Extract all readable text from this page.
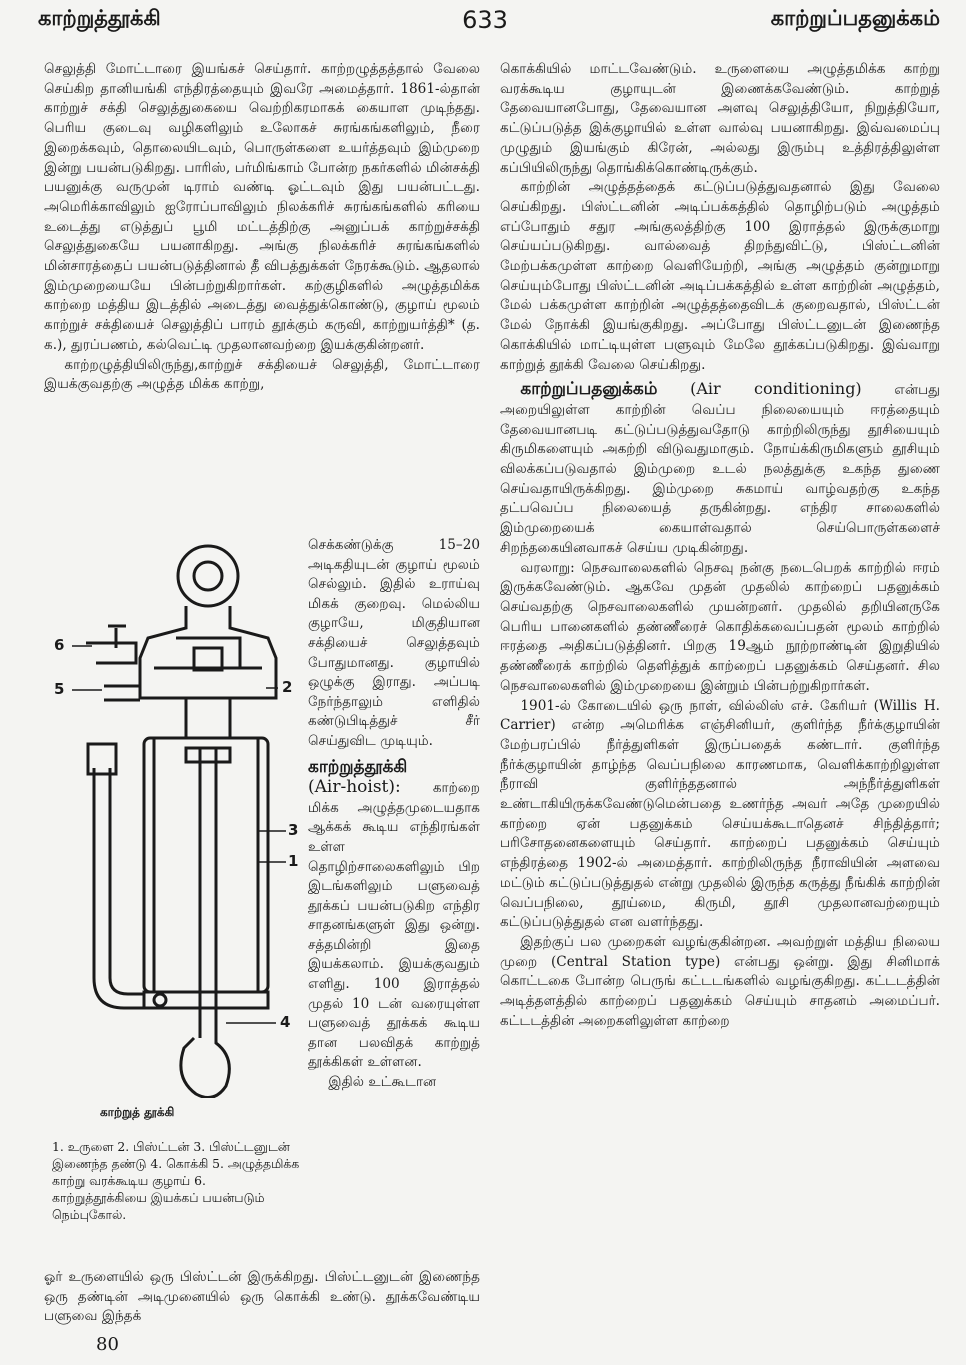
காற்றுத்தூக்கி	633	காற்றுப்பதனுக்கம்

செலுத்தி மோட்டாரை இயங்கச் செய்தார். காற்றழுத்தத்தால் வேலை செய்கிற தானியங்கி எந்திரத்தையும் இவரே அமைத்தார். 1861-ல்தான் காற்றுச் சக்தி செலுத்துகையை வெற்றிகரமாகக் கையாள முடிந்தது. பெரிய குடைவு வழிகளிலும் உலோகச் சுரங்கங்களிலும், நீரை இறைக்கவும், தொலையிடவும், பொருள்களை உயர்த்தவும் இம்முறை இன்று பயன்படுகிறது. பாரிஸ், பர்மிங்காம் போன்ற நகர்களில் மின்சக்தி பயனுக்கு வருமுன் டிராம் வண்டி ஓட்டவும் இது பயன்பட்டது. அமெரிக்காவிலும் ஐரோப்பாவிலும் நிலக்கரிச் சுரங்கங்களில் கரியை உடைத்து எடுத்துப் பூமி மட்டத்திற்கு அனுப்பக் காற்றுச்சக்தி செலுத்துகையே பயனாகிறது. அங்கு நிலக்கரிச் சுரங்கங்களில் மின்சாரத்தைப் பயன்படுத்தினால் தீ விபத்துக்கள் நேரக்கூடும். ஆதலால் இம்முறையையே பின்பற்றுகிறார்கள். கற்குழிகளில் அழுத்தமிக்க காற்றை மத்திய இடத்தில் அடைத்து வைத்துக்கொண்டு, குழாய் மூலம் காற்றுச் சக்தியைச் செலுத்திப் பாரம் தூக்கும் கருவி, காற்றுயர்த்தி* (த. க.), துரப்பணம், கல்வெட்டி முதலானவற்றை இயக்குகின்றனர்.

காற்றழுத்தியிலிருந்து,காற்றுச் சக்தியைச் செலுத்தி, மோட்டாரை இயக்குவதற்கு அழுத்த மிக்க காற்று,

6
5	2
3
1
4
காற்றுத் தூக்கி
1. உருளை 2. பிஸ்ட்டன் 3. பிஸ்ட்டனுடன் இணைந்த தண்டு 4. கொக்கி 5. அழுத்தமிக்க காற்று வரக்கூடிய குழாய் 6. காற்றுத்தூக்கியை இயக்கப் பயன்படும் நெம்புகோல்.

செக்கண்டுக்கு 15–20 அடிகதியுடன் குழாய் மூலம் செல்லும். இதில் உராய்வு மிகக் குறைவு. மெல்லிய குழாயே, மிகுதியான சக்தியைச் செலுத்தவும் போதுமானது. குழாயில் ஒழுக்கு இராது. அப்படி நேர்ந்தாலும் எளிதில் கண்டுபிடித்துச் சீர் செய்துவிட முடியும்.

காற்றுத்தூக்கி
(Air-hoist): காற்றை மிக்க அழுத்தமுடையதாக ஆக்கக் கூடிய எந்திரங்கள் உள்ள தொழிற்சாலைகளிலும் பிற இடங்களிலும் பளுவைத் தூக்கப் பயன்படுகிற எந்திர சாதனங்களுள் இது ஒன்று. சத்தமின்றி இதை இயக்கலாம். இயக்குவதும் எளிது. 100 இராத்தல் முதல் 10 டன் வரையுள்ள பளுவைத் தூக்கக் கூடிய தான பலவிதக் காற்றுத் தூக்கிகள் உள்ளன.

இதில் உட்கூடான

ஓர் உருளையில் ஒரு பிஸ்ட்டன் இருக்கிறது. பிஸ்ட்டனுடன் இணைந்த ஒரு தண்டின் அடிமுனையில் ஒரு கொக்கி உண்டு. தூக்கவேண்டிய பளுவை இந்தக்

கொக்கியில் மாட்டவேண்டும். உருளையை அழுத்தமிக்க காற்று வரக்கூடிய குழாயுடன் இணைக்கவேண்டும். காற்றுத் தேவையானபோது, தேவையான அளவு செலுத்தியோ, நிறுத்தியோ, கட்டுப்படுத்த இக்குழாயில் உள்ள வால்வு பயனாகிறது. இவ்வமைப்பு முழுதும் இயங்கும் கிரேன், அல்லது இரும்பு உத்திரத்திலுள்ள கப்பியிலிருந்து தொங்கிக்கொண்டிருக்கும்.

காற்றின் அழுத்தத்தைக் கட்டுப்படுத்துவதனால் இது வேலை செய்கிறது. பிஸ்ட்டனின் அடிப்பக்கத்தில் தொழிற்படும் அழுத்தம் எப்போதும் சதுர அங்குலத்திற்கு 100 இராத்தல் இருக்குமாறு செய்யப்படுகிறது. வால்வைத் திறந்துவிட்டு, பிஸ்ட்டனின் மேற்பக்கமுள்ள காற்றை வெளியேற்றி, அங்கு அழுத்தம் குன்றுமாறு செய்யும்போது பிஸ்ட்டனின் அடிப்பக்கத்தில் உள்ள காற்றின் அழுத்தம், மேல் பக்கமுள்ள காற்றின் அழுத்தத்தைவிடக் குறைவதால், பிஸ்ட்டன் மேல் நோக்கி இயங்குகிறது. அப்போது பிஸ்ட்டனுடன் இணைந்த கொக்கியில் மாட்டியுள்ள பளுவும் மேலே தூக்கப்படுகிறது. இவ்வாறு காற்றுத் தூக்கி வேலை செய்கிறது.

காற்றுப்பதனுக்கம் (Air conditioning) என்பது அறையிலுள்ள காற்றின் வெப்ப நிலையையும் ஈரத்தையும் தேவையானபடி கட்டுப்படுத்துவதோடு காற்றிலிருந்து தூசியையும் கிருமிகளையும் அகற்றி விடுவதுமாகும். நோய்க்கிருமிகளும் தூசியும் விலக்கப்படுவதால் இம்முறை உடல் நலத்துக்கு உகந்த துணை செய்வதாயிருக்கிறது. இம்முறை சுகமாய் வாழ்வதற்கு உகந்த தட்பவெப்ப நிலையைத் தருகின்றது. எந்திர சாலைகளில் இம்முறையைக் கையாள்வதால் செய்பொருள்களைச் சிறந்தகையினவாகச் செய்ய முடிகின்றது.

வரலாறு: நெசவாலைகளில் நெசவு நன்கு நடைபெறக் காற்றில் ஈரம் இருக்கவேண்டும். ஆகவே முதன் முதலில் காற்றைப் பதனுக்கம் செய்வதற்கு நெசவாலைகளில் முயன்றனர். முதலில் தறியினருகே பெரிய பானைகளில் தண்ணீரைச் கொதிக்கவைப்பதன் மூலம் காற்றில் ஈரத்தை அதிகப்படுத்தினர். பிறகு 19ஆம் நூற்றாண்டின் இறுதியில் தண்ணீரைக் காற்றில் தெளித்துக் காற்றைப் பதனுக்கம் செய்தனர். சில நெசவாலைகளில் இம்முறையை இன்றும் பின்பற்றுகிறார்கள்.

1901-ல் கோடையில் ஒரு நாள், வில்லிஸ் எச். கேரியர் (Willis H. Carrier) என்ற அமெரிக்க எஞ்சினியர், குளிர்ந்த நீர்க்குழாயின் மேற்பரப்பில் நீர்த்துளிகள் இருப்பதைக் கண்டார். குளிர்ந்த நீர்க்குழாயின் தாழ்ந்த வெப்பநிலை காரணமாக, வெளிக்காற்றிலுள்ள நீராவி குளிர்ந்ததனால் அந்நீர்த்துளிகள் உண்டாகியிருக்கவேண்டுமென்பதை உணர்ந்த அவர் அதே முறையில் காற்றை ஏன் பதனுக்கம் செய்யக்கூடாதெனச் சிந்தித்தார்; பரிசோதனைகளையும் செய்தார். காற்றைப் பதனுக்கம் செய்யும் எந்திரத்தை 1902-ல் அமைத்தார். காற்றிலிருந்த நீராவியின் அளவை மட்டும் கட்டுப்படுத்துதல் என்று முதலில் இருந்த கருத்து நீங்கிக் காற்றின் வெப்பநிலை, தூய்மை, கிருமி, தூசி முதலானவற்றையும் கட்டுப்படுத்துதல் என வளர்ந்தது.

இதற்குப் பல முறைகள் வழங்குகின்றன. அவற்றுள் மத்திய நிலைய முறை (Central Station type) என்பது ஒன்று. இது சினிமாக் கொட்டகை போன்ற பெருங் கட்டடங்களில் வழங்குகிறது. கட்டடத்தின் அடித்தளத்தில் காற்றைப் பதனுக்கம் செய்யும் சாதனம் அமைப்பர். கட்டடத்தின் அறைகளிலுள்ள காற்றை

80
